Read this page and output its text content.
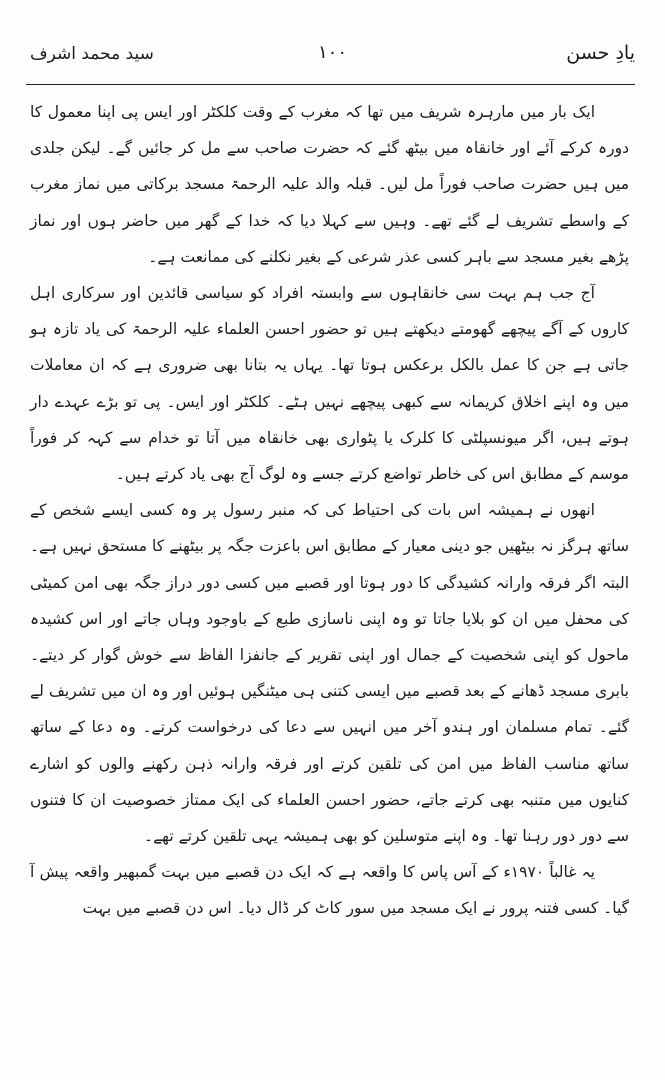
یادِ حسن
۱۰۰
سید محمد اشرف

ایک بار میں مارہرہ شریف میں تھا کہ مغرب کے وقت کلکٹر اور ایس پی اپنا معمول کا دورہ کرکے آئے اور خانقاہ میں بیٹھ گئے کہ حضرت صاحب سے مل کر جائیں گے۔ لیکن جلدی میں ہیں حضرت صاحب فوراً مل لیں۔ قبلہ والد علیہ الرحمۃ مسجد برکاتی میں نماز مغرب کے واسطے تشریف لے گئے تھے۔ وہیں سے کہلا دیا کہ خدا کے گھر میں حاضر ہوں اور نماز پڑھے بغیر مسجد سے باہر کسی عذر شرعی کے بغیر نکلنے کی ممانعت ہے۔

آج جب ہم بہت سی خانقاہوں سے وابستہ افراد کو سیاسی قائدین اور سرکاری اہل کاروں کے آگے پیچھے گھومتے دیکھتے ہیں تو حضور احسن العلماء علیہ الرحمۃ کی یاد تازہ ہو جاتی ہے جن کا عمل بالکل برعکس ہوتا تھا۔ یہاں یہ بتانا بھی ضروری ہے کہ ان معاملات میں وہ اپنے اخلاق کریمانہ سے کبھی پیچھے نہیں ہٹے۔ کلکٹر اور ایس۔ پی تو بڑے عہدے دار ہوتے ہیں، اگر میونسپلٹی کا کلرک یا پٹواری بھی خانقاہ میں آتا تو خدام سے کہہ کر فوراً موسم کے مطابق اس کی خاطر تواضع کرتے جسے وہ لوگ آج بھی یاد کرتے ہیں۔

انھوں نے ہمیشہ اس بات کی احتیاط کی کہ منبر رسول پر وہ کسی ایسے شخص کے ساتھ ہرگز نہ بیٹھیں جو دینی معیار کے مطابق اس باعزت جگہ پر بیٹھنے کا مستحق نہیں ہے۔ البتہ اگر فرقہ وارانہ کشیدگی کا دور ہوتا اور قصبے میں کسی دور دراز جگہ بھی امن کمیٹی کی محفل میں ان کو بلایا جاتا تو وہ اپنی ناسازی طبع کے باوجود وہاں جاتے اور اس کشیدہ ماحول کو اپنی شخصیت کے جمال اور اپنی تقریر کے جانفزا الفاظ سے خوش گوار کر دیتے۔ بابری مسجد ڈھانے کے بعد قصبے میں ایسی کتنی ہی میٹنگیں ہوئیں اور وہ ان میں تشریف لے گئے۔ تمام مسلمان اور ہندو آخر میں انہیں سے دعا کی درخواست کرتے۔ وہ دعا کے ساتھ ساتھ مناسب الفاظ میں امن کی تلقین کرتے اور فرقہ وارانہ ذہن رکھنے والوں کو اشارے کنایوں میں متنبہ بھی کرتے جاتے، حضور احسن العلماء کی ایک ممتاز خصوصیت ان کا فتنوں سے دور دور رہنا تھا۔ وہ اپنے متوسلین کو بھی ہمیشہ یہی تلقین کرتے تھے۔

یہ غالباً ۱۹۷۰ء کے آس پاس کا واقعہ ہے کہ ایک دن قصبے میں بہت گمبھیر واقعہ پیش آ گیا۔ کسی فتنہ پرور نے ایک مسجد میں سور کاٹ کر ڈال دیا۔ اس دن قصبے میں بہت
